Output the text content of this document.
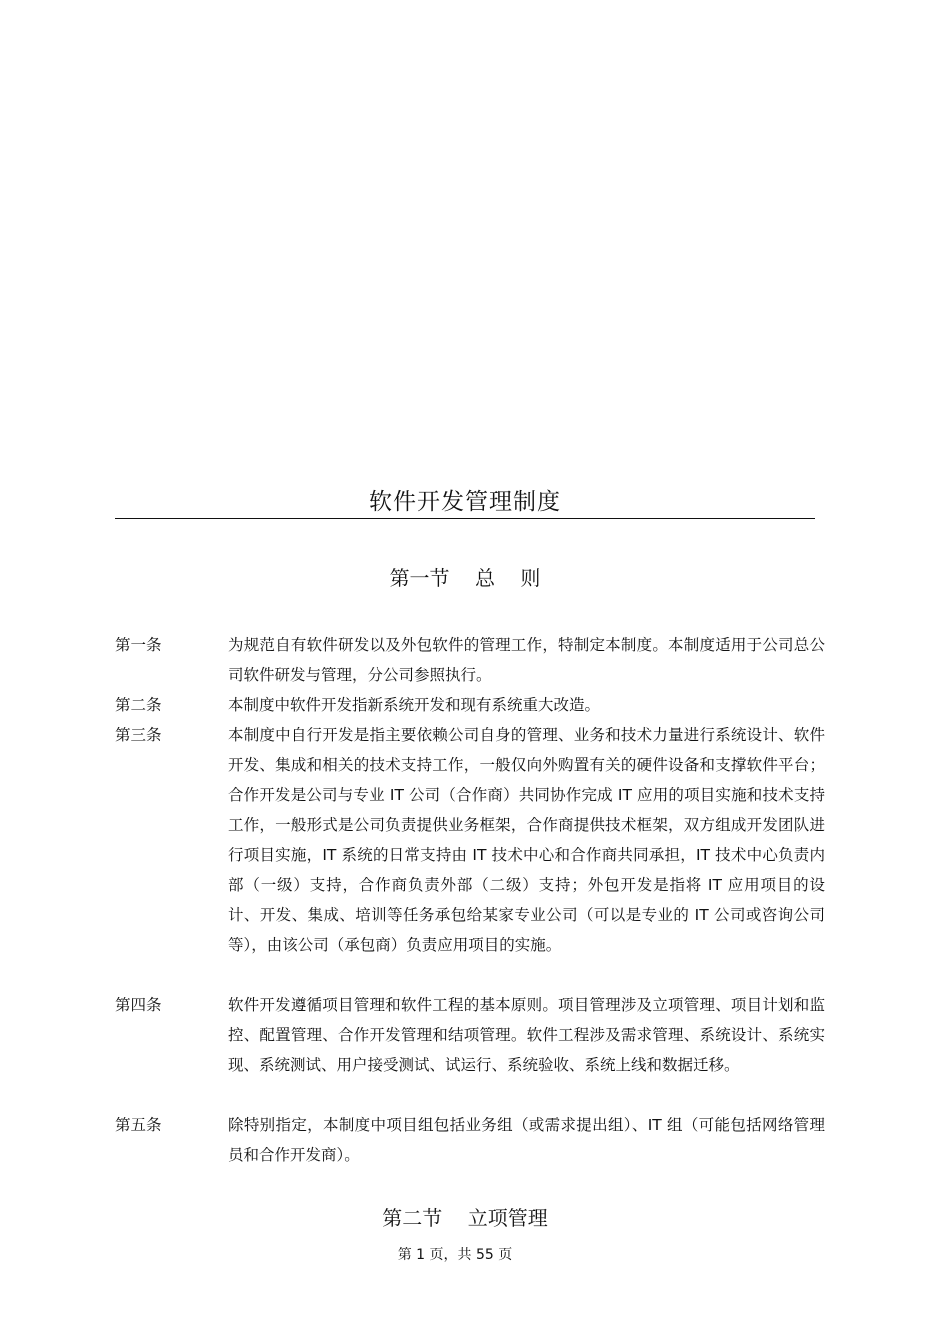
软件开发管理制度
第一节    总    则
第一条	为规范自有软件研发以及外包软件的管理工作，特制定本制度。本制度适用于公司总公司软件研发与管理，分公司参照执行。

第二条	本制度中软件开发指新系统开发和现有系统重大改造。

第三条	本制度中自行开发是指主要依赖公司自身的管理、业务和技术力量进行系统设计、软件开发、集成和相关的技术支持工作，一般仅向外购置有关的硬件设备和支撑软件平台；合作开发是公司与专业 IT 公司（合作商）共同协作完成 IT 应用的项目实施和技术支持工作，一般形式是公司负责提供业务框架，合作商提供技术框架，双方组成开发团队进行项目实施，IT 系统的日常支持由 IT 技术中心和合作商共同承担，IT 技术中心负责内部（一级）支持，合作商负责外部（二级）支持；外包开发是指将 IT 应用项目的设计、开发、集成、培训等任务承包给某家专业公司（可以是专业的 IT 公司或咨询公司等），由该公司（承包商）负责应用项目的实施。

第四条	软件开发遵循项目管理和软件工程的基本原则。项目管理涉及立项管理、项目计划和监控、配置管理、合作开发管理和结项管理。软件工程涉及需求管理、系统设计、系统实现、系统测试、用户接受测试、试运行、系统验收、系统上线和数据迁移。

第五条	除特别指定，本制度中项目组包括业务组（或需求提出组）、IT 组（可能包括网络管理员和合作开发商）。

第二节    立项管理
第 1 页，共 55 页
